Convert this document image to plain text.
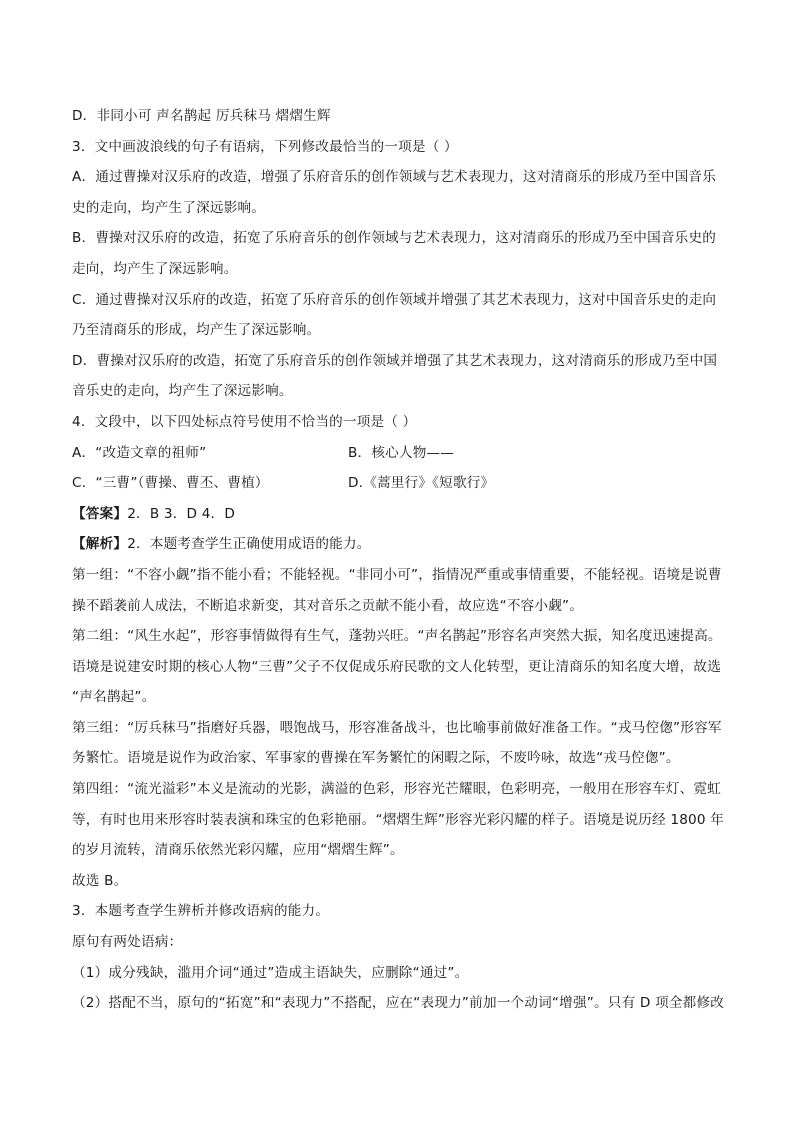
D．非同小可 声名鹊起 厉兵秣马 熠熠生辉
3．文中画波浪线的句子有语病，下列修改最恰当的一项是（ ）
A．通过曹操对汉乐府的改造，增强了乐府音乐的创作领域与艺术表现力，这对清商乐的形成乃至中国音乐
史的走向，均产生了深远影响。
B．曹操对汉乐府的改造，拓宽了乐府音乐的创作领域与艺术表现力，这对清商乐的形成乃至中国音乐史的
走向，均产生了深远影响。
C．通过曹操对汉乐府的改造，拓宽了乐府音乐的创作领域并增强了其艺术表现力，这对中国音乐史的走向
乃至清商乐的形成，均产生了深远影响。
D．曹操对汉乐府的改造，拓宽了乐府音乐的创作领域并增强了其艺术表现力，这对清商乐的形成乃至中国
音乐史的走向，均产生了深远影响。
4．文段中，以下四处标点符号使用不恰当的一项是（ ）
A．“改造文章的祖师”	B．核心人物——
C．“三曹”（曹操、曹丕、曹植）	D.《蒿里行》《短歌行》
【答案】2．B 3．D 4．D
【解析】2．本题考查学生正确使用成语的能力。
第一组：“不容小觑”指不能小看；不能轻视。“非同小可”，指情况严重或事情重要，不能轻视。语境是说曹
操不蹈袭前人成法，不断追求新变，其对音乐之贡献不能小看，故应选“不容小觑”。
第二组：“风生水起”，形容事情做得有生气，蓬勃兴旺。“声名鹊起”形容名声突然大振，知名度迅速提高。
语境是说建安时期的核心人物“三曹”父子不仅促成乐府民歌的文人化转型，更让清商乐的知名度大增，故选
“声名鹊起”。
第三组：“厉兵秣马”指磨好兵器，喂饱战马，形容准备战斗，也比喻事前做好准备工作。“戎马倥偬”形容军
务繁忙。语境是说作为政治家、军事家的曹操在军务繁忙的闲暇之际，不废吟咏，故选“戎马倥偬”。
第四组：“流光溢彩”本义是流动的光影，满溢的色彩，形容光芒耀眼，色彩明亮，一般用在形容车灯、霓虹
等，有时也用来形容时装表演和珠宝的色彩艳丽。“熠熠生辉”形容光彩闪耀的样子。语境是说历经 1800 年
的岁月流转，清商乐依然光彩闪耀，应用“熠熠生辉”。
故选 B。
3．本题考查学生辨析并修改语病的能力。
原句有两处语病：
（1）成分残缺，滥用介词“通过”造成主语缺失，应删除“通过”。
（2）搭配不当，原句的“拓宽”和“表现力”不搭配，应在“表现力”前加一个动词“增强”。只有 D 项全都修改
